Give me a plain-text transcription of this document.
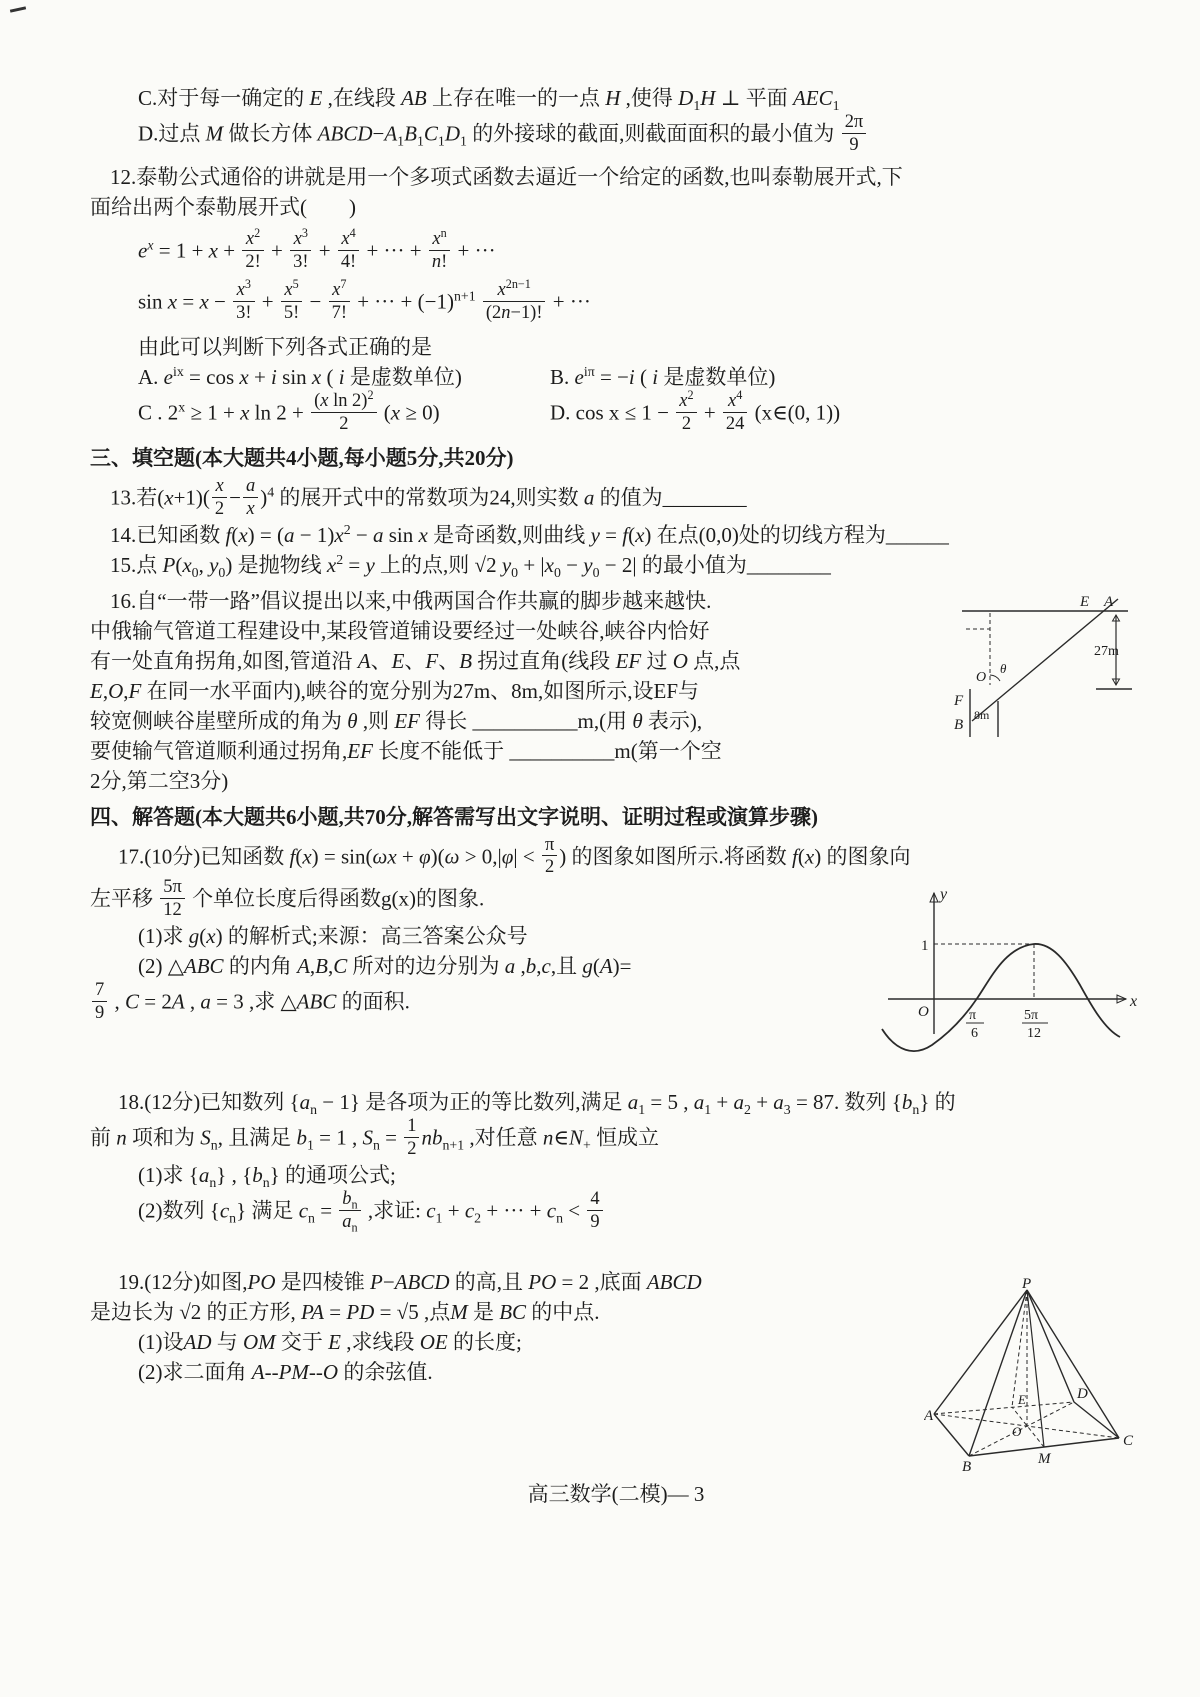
C.对于每一确定的 E ,在线段 AB 上存在唯一的一点 H ,使得 $D_1H$ ⊥ 平面 $AEC_1$
D.过点 M 做长方体 $ABCD-A_1B_1C_1D_1$ 的外接球的截面,则截面面积的最小值为 $\frac{2\pi}{9}$
12.泰勒公式通俗的讲就是用一个多项式函数去逼近一个给定的函数,也叫泰勒展开式,下
面给出两个泰勒展开式(　　)
$e^x = 1 + x + \frac{x^2}{2!} + \frac{x^3}{3!} + \frac{x^4}{4!}$ + ··· + $\frac{x^n}{n!}$ + ···
$\sin x = x - \frac{x^3}{3!} + \frac{x^5}{5!} - \frac{x^7}{7!}$ + ··· + $(-1)^{n+1} \frac{x^{2n-1}}{(2n-1)!}$ + ···
由此可以判断下列各式正确的是
A. $e^{ix} = \cos x + i$ sin x ( i 是虚数单位)	B. $e^{i\pi} = -i$ ( i 是虚数单位)
C . $2^x \ge 1 + x$ $\ln 2 + \frac{(x \ln 2)^2}{2} (x \ge 0)$	D. $\cos x \le 1 - \frac{x^2}{2} + \frac{x^4}{24}$ (x∈(0, 1))
三、填空题(本大题共4小题,每小题5分,共20分)
13.若$(x+1)( \frac{x}{2} - \frac{a}{x} )^4$ 的展开式中的常数项为24,则实数 a 的值为________
14.已知函数 $f(x) = (a - 1)x^2 - a$ sin x 是奇函数,则曲线 y = f(x) 在点(0,0)处的切线方程为______
15.点 $P(x_0$, $y_0$) 是抛物线 $x^2 = y$ 上的点,则 √2 $y_0 + |x_0 - y_0 - 2|$ 的最小值为________
E A
27m
O
θ
F
B
8m
16.自“一带一路”倡议提出以来,中俄两国合作共赢的脚步越来越快.
中俄输气管道工程建设中,某段管道铺设要经过一处峡谷,峡谷内恰好
有一处直角拐角,如图,管道沿 A、E、F、B 拐过直角(线段 EF 过 O 点,点
E,O,F 在同一水平面内),峡谷的宽分别为27m、8m,如图所示,设EF与
较宽侧峡谷崖壁所成的角为 θ ,则 EF 得长 __________m,(用 θ 表示),
要使输气管道顺利通过拐角,EF 长度不能低于 __________m(第一个空
2分,第二空3分)
四、解答题(本大题共6小题,共70分,解答需写出文字说明、证明过程或演算步骤)
17.(10分)已知函数 $f(x) = \sin(\omega x + \varphi)(\omega > 0,|\varphi| < \frac{\pi}{2}$ ) 的图象如图所示.将函数 f(x) 的图象向
y
1
O	π
6
5π
12
x
左平移 $\frac{5\pi}{12}$ 个单位长度后得函数g(x)的图象.
(1)求 g(x) 的解析式;来源：高三答案公众号
(2) △ABC 的内角 A,B,C 所对的边分别为 a ,b,c,且 g(A)=
$\frac{7}{9}$ , C = 2A , a = 3 ,求 △ABC 的面积.
18.(12分)已知数列 $\{a_n - 1\}$ 是各项为正的等比数列,满足 $a_1 = 5$ , $a_1 + a_2 + a_3 = 87$. 数列 $\{b_n\}$ 的
前 n 项和为 $S_n$, 且满足 $b_1 = 1$ , $S_n = \frac{1}{2} nb_{n+1}$ ,对任意 $n\in N_+$ 恒成立
(1)求 $\{a_n\}$ , $\{b_n\}$ 的通项公式;
(2)数列 $\{c_n\}$ 满足 $c_n = \frac{b_n}{a_n}$ ,求证: $c_1 + c_2$ + ··· + $c_n < \frac{4}{9}$
P
A
B	M
C
D
O
E
19.(12分)如图,PO 是四棱锥 P−ABCD 的高,且 PO = 2 ,底面 ABCD
是边长为 √2 的正方形, PA = PD = √5 ,点M 是 BC 的中点.
(1)设AD 与 OM 交于 E ,求线段 OE 的长度;
(2)求二面角 A--PM--O 的余弦值.
高三数学(二模)— 3
